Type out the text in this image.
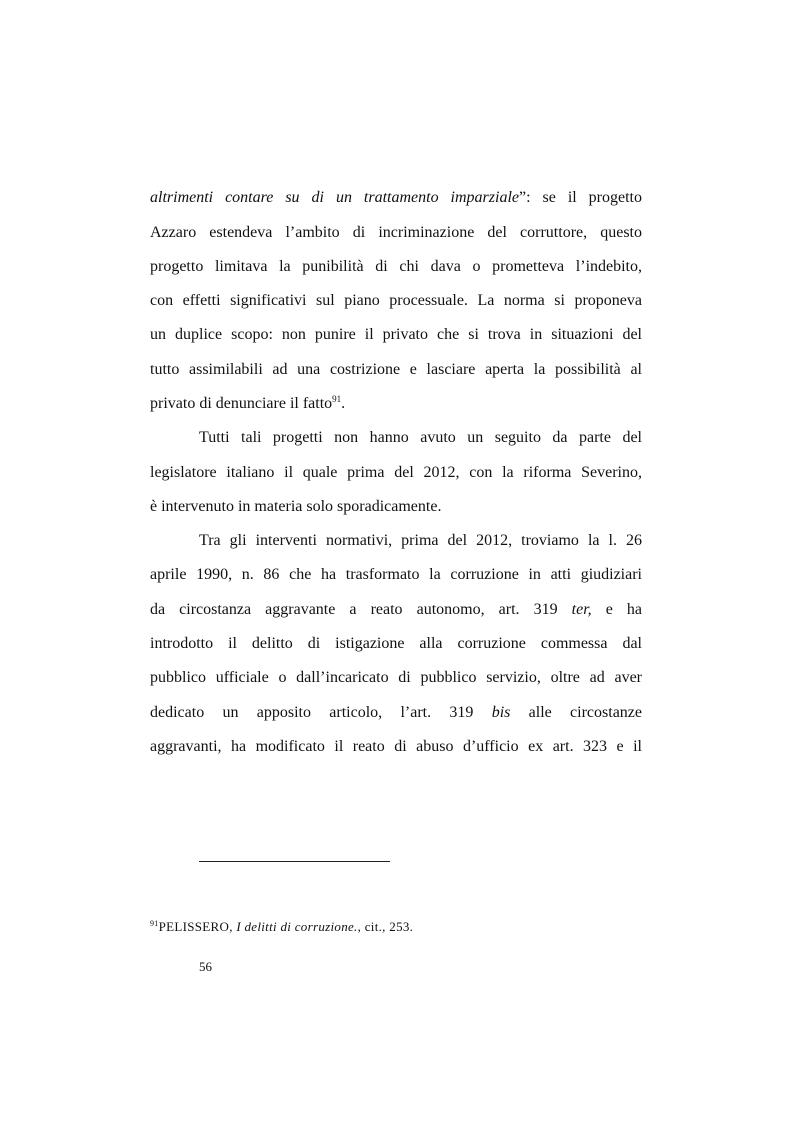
altrimenti contare su di un trattamento imparziale”: se il progetto
Azzaro estendeva l’ambito di incriminazione del corruttore, questo
progetto limitava la punibilità di chi dava o prometteva l’indebito,
con effetti significativi sul piano processuale. La norma si proponeva
un duplice scopo: non punire il privato che si trova in situazioni del
tutto assimilabili ad una costrizione e lasciare aperta la possibilità al
privato di denunciare il fatto$^{91}$.
Tutti tali progetti non hanno avuto un seguito da parte del
legislatore italiano il quale prima del 2012, con la riforma Severino,
è intervenuto in materia solo sporadicamente.
Tra gli interventi normativi, prima del 2012, troviamo la l. 26
aprile 1990, n. 86 che ha trasformato la corruzione in atti giudiziari
da circostanza aggravante a reato autonomo, art. 319 ter, e ha
introdotto il delitto di istigazione alla corruzione commessa dal
pubblico ufficiale o dall’incaricato di pubblico servizio, oltre ad aver
dedicato un apposito articolo, l’art. 319 bis alle circostanze
aggravanti, ha modificato il reato di abuso d’ufficio ex art. 323 e il
$^{91}$PELISSERO, I delitti di corruzione., cit., 253.
56
